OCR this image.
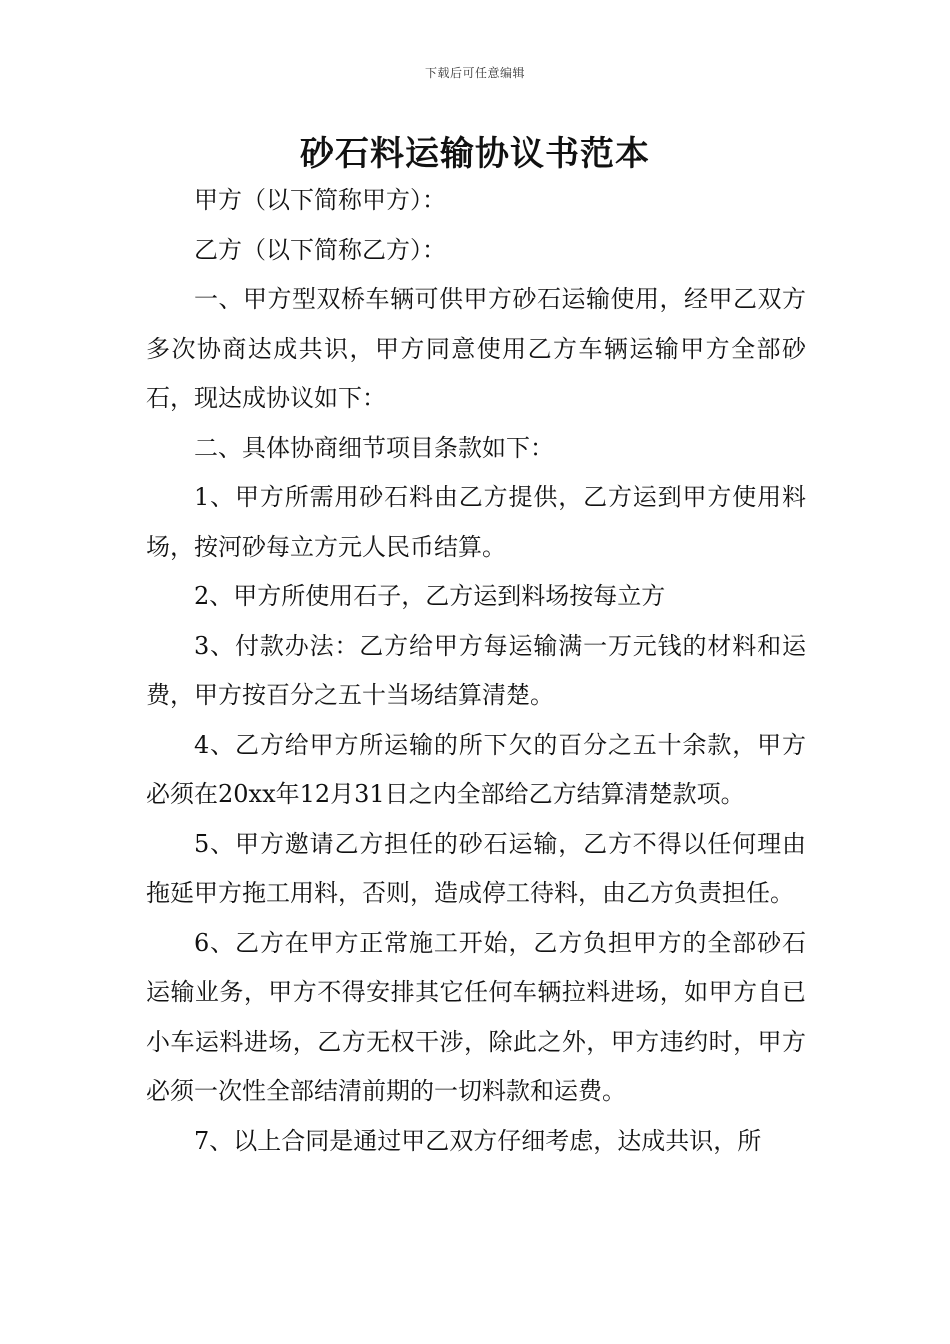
下载后可任意编辑
砂石料运输协议书范本

甲方（以下简称甲方）：

乙方（以下简称乙方）：

一、甲方型双桥车辆可供甲方砂石运输使用，经甲乙双方多次协商达成共识，甲方同意使用乙方车辆运输甲方全部砂石，现达成协议如下：

二、具体协商细节项目条款如下：

1、甲方所需用砂石料由乙方提供，乙方运到甲方使用料场，按河砂每立方元人民币结算。

2、甲方所使用石子，乙方运到料场按每立方

3、付款办法：乙方给甲方每运输满一万元钱的材料和运费，甲方按百分之五十当场结算清楚。

4、乙方给甲方所运输的所下欠的百分之五十余款，甲方必须在20xx年12月31日之内全部给乙方结算清楚款项。

5、甲方邀请乙方担任的砂石运输，乙方不得以任何理由拖延甲方拖工用料，否则，造成停工待料，由乙方负责担任。

6、乙方在甲方正常施工开始，乙方负担甲方的全部砂石运输业务，甲方不得安排其它任何车辆拉料进场，如甲方自已小车运料进场，乙方无权干涉，除此之外，甲方违约时，甲方必须一次性全部结清前期的一切料款和运费。

7、以上合同是通过甲乙双方仔细考虑，达成共识，所
